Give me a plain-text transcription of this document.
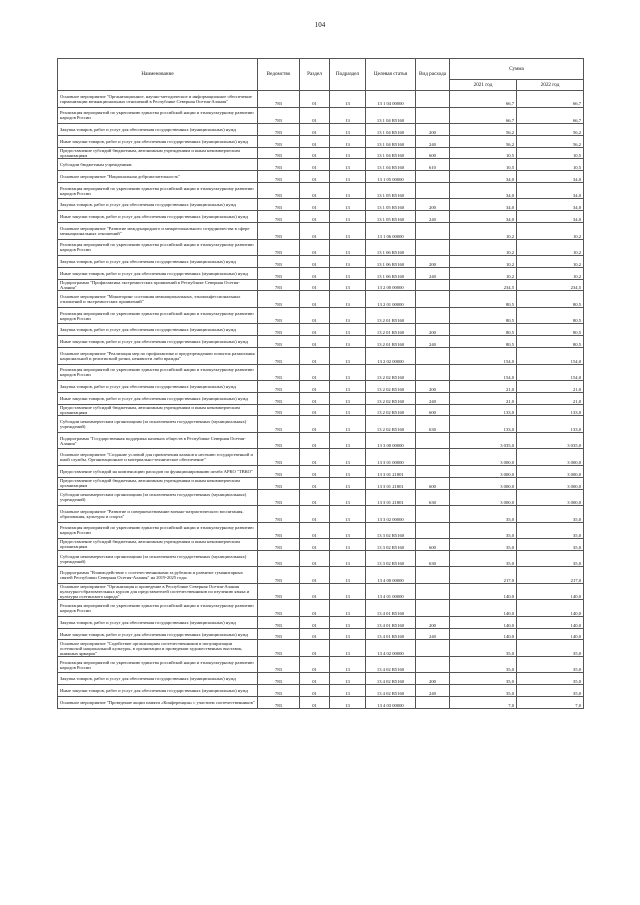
104
Наименование	Ведомство	Раздел	Подраздел	Целевая статья	Вид расхода	Сумма	
						2021 год	2022 год
Основное мероприятие "Организационное, научно-методическое и информационное обеспечение гармонизации межнациональных отношений в Республике Северная Осетия-Алания"	783	01	13	13 1 04 00000		66,7	66,7
Реализация мероприятий по укреплению единства российской нации и этнокультурному развитию народов России	783	01	13	13 1 04 R5160		66,7	66,7
Закупка товаров, работ и услуг для обеспечения государственных (муниципальных) нужд	783	01	13	13 1 04 R5160	200	56,2	56,2
Иные закупки товаров, работ и услуг для обеспечения государственных (муниципальных) нужд	783	01	13	13 1 04 R5160	240	56,2	56,2
Предоставление субсидий бюджетным, автономным учреждениям и иным некоммерческим организациям	783	01	13	13 1 04 R5160	600	10,5	10,5
Субсидии бюджетным учреждениям	783	01	13	13 1 04 R5160	610	10,5	10,5
Основное мероприятие "Национальная доброжелательность"	783	01	13	13 1 05 00000		34,0	34,0
Реализация мероприятий по укреплению единства российской нации и этнокультурному развитию народов России	783	01	13	13 1 05 R5160		34,0	34,0
Закупка товаров, работ и услуг для обеспечения государственных (муниципальных) нужд	783	01	13	13 1 05 R5160	200	34,0	34,0
Иные закупки товаров, работ и услуг для обеспечения государственных (муниципальных) нужд	783	01	13	13 1 05 R5160	240	34,0	34,0
Основное мероприятие "Развитие международного и межрегионального сотрудничества в сфере межнациональных отношений"	783	01	13	13 1 06 00000		10,2	10,2
Реализация мероприятий по укреплению единства российской нации и этнокультурному развитию народов России	783	01	13	13 1 06 R5160		10,2	10,2
Закупка товаров, работ и услуг для обеспечения государственных (муниципальных) нужд	783	01	13	13 1 06 R5160	200	10,2	10,2
Иные закупки товаров, работ и услуг для обеспечения государственных (муниципальных) нужд	783	01	13	13 1 06 R5160	240	10,2	10,2
Подпрограмма "Профилактика экстремистских проявлений в Республике Северная Осетия-Алания"	783	01	13	13 2 00 00000		234,5	234,5
Основное мероприятие "Мониторинг состояния межнациональных, этноконфессиональных отношений и экстремистских проявлений"	783	01	13	13 2 01 00000		80,5	80,5
Реализация мероприятий по укреплению единства российской нации и этнокультурному развитию народов России	783	01	13	13 2 01 R5160		80,5	80,5
Закупка товаров, работ и услуг для обеспечения государственных (муниципальных) нужд	783	01	13	13 2 01 R5160	200	80,5	80,5
Иные закупки товаров, работ и услуг для обеспечения государственных (муниципальных) нужд	783	01	13	13 2 01 R5160	240	80,5	80,5
Основное мероприятие "Реализация мер по профилактике и предупреждению попыток разжигания национальной и религиозной розни, ненависти либо вражды"	783	01	13	13 2 02 00000		154,0	154,0
Реализация мероприятий по укреплению единства российской нации и этнокультурному развитию народов России	783	01	13	13 2 02 R5160		154,0	154,0
Закупка товаров, работ и услуг для обеспечения государственных (муниципальных) нужд	783	01	13	13 2 02 R5160	200	21,0	21,0
Иные закупки товаров, работ и услуг для обеспечения государственных (муниципальных) нужд	783	01	13	13 2 02 R5160	240	21,0	21,0
Предоставление субсидий бюджетным, автономным учреждениям и иным некоммерческим организациям	783	01	13	13 2 02 R5160	600	133,0	133,0
Субсидии некоммерческим организациям (за исключением государственных (муниципальных) учреждений)	783	01	13	13 2 02 R5160	630	133,0	133,0
Подпрограмма "Государственная поддержка казачьих обществ в Республике Северная Осетия-Алания"	783	01	13	13 3 00 00000		3 035,0	3 035,0
Основное мероприятие "Создание условий для привлечения казаков к несению государственной и иной службы. Организационное и материально-техническое обеспечение"	783	01	13	13 3 01 00000		3 000,0	3 000,0
Предоставление субсидий на компенсацию расходов по функционированию штаба АРКО "ТВКО"	783	01	13	13 3 01 21801		3 000,0	3 000,0
Предоставление субсидий бюджетным, автономным учреждениям и иным некоммерческим организациям	783	01	13	13 3 01 21801	600	3 000,0	3 000,0
Субсидии некоммерческим организациям (за исключением государственных (муниципальных) учреждений)	783	01	13	13 3 01 21801	630	3 000,0	3 000,0
Основное мероприятие "Развитие и совершенствование военно-патриотического воспитания, образования, культуры и спорта"	783	01	13	13 3 02 00000		35,0	35,0
Реализация мероприятий по укреплению единства российской нации и этнокультурному развитию народов России	783	01	13	13 3 02 R5160		35,0	35,0
Предоставление субсидий бюджетным, автономным учреждениям и иным некоммерческим организациям	783	01	13	13 3 02 R5160	600	35,0	35,0
Субсидии некоммерческим организациям (за исключением государственных (муниципальных) учреждений)	783	01	13	13 3 02 R5160	630	35,0	35,0
Подпрограмма "Взаимодействие с соотечественниками за рубежом и развитие гуманитарных связей Республики Северная Осетия-Алания" на 2019-2025 годы	783	01	13	13 4 00 00000		217,0	217,0
Основное мероприятие "Организация и проведение в Республике Северная Осетия-Алания культурно-образовательных курсов для представителей соотечественников по изучению языка и культуры осетинского народа"	783	01	13	13 4 01 00000		140,0	140,0
Реализация мероприятий по укреплению единства российской нации и этнокультурному развитию народов России	783	01	13	13 4 01 R5160		140,0	140,0
Закупка товаров, работ и услуг для обеспечения государственных (муниципальных) нужд	783	01	13	13 4 01 R5160	200	140,0	140,0
Иные закупки товаров, работ и услуг для обеспечения государственных (муниципальных) нужд	783	01	13	13 4 01 R5160	240	140,0	140,0
Основное мероприятие "Содействие организациям соотечественников в популяризации осетинской национальной культуры, в организации и проведении художественных выставок, книжных ярмарок"	783	01	13	13 4 02 00000		35,0	35,0
Реализация мероприятий по укреплению единства российской нации и этнокультурному развитию народов России	783	01	13	13 4 02 R5160		35,0	35,0
Закупка товаров, работ и услуг для обеспечения государственных (муниципальных) нужд	783	01	13	13 4 02 R5160	200	35,0	35,0
Иные закупки товаров, работ и услуг для обеспечения государственных (муниципальных) нужд	783	01	13	13 4 02 R5160	240	35,0	35,0
Основное мероприятие "Проведение акции памяти «Конференция» с участием соотечественников"	783	01	13	13 4 03 00000		7,0	7,0
